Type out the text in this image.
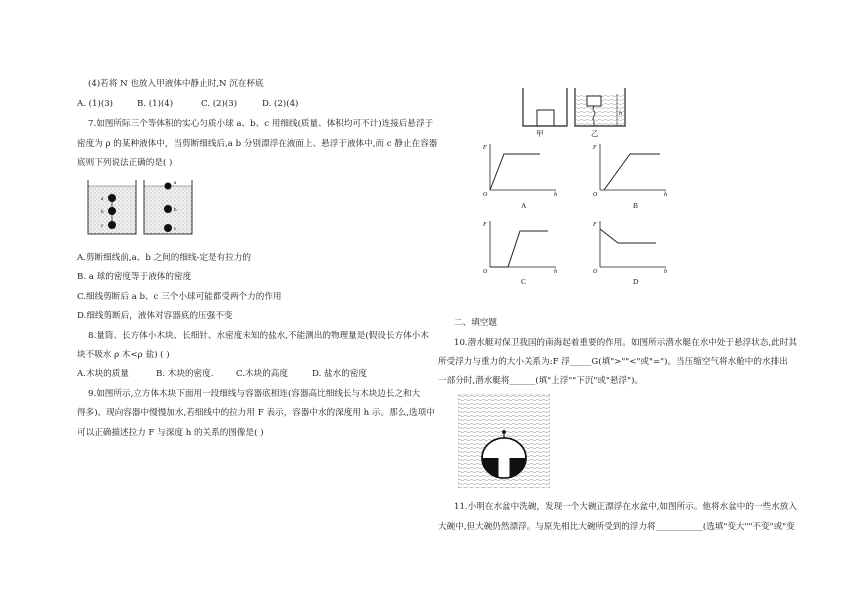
(4)若将 N 也放入甲液体中静止时,N 沉在杯底
A. (1)(3)	B. (1)(4)	C. (2)(3)	D. (2)(4)
7.如图所际三个等体积的实心匀质小球 a、b、c 用细线(质量、体积均可不计)连接后悬浮于
密度为 ρ 的某种液体中，当剪断细线后,a b 分别漂浮在液面上、悬浮于液体中,而 c 静止在容器
底则下列说法正确的是( )
a
b
c
a
b
c
A.剪断细线前,a、b 之间的细线-定是有拉力的
B. a 球的密度等于液体的密度
C.细线剪断后 a b、c 三个小球可能都受两个力的作用
D.细线剪断后，液体对容器底的压强不变
8.量筒、长方体小木块、长细针、水密度未知的盐水,不能测出的物理量是(假设长方体小木
块不吸水 ρ 木<ρ 盐) ( )
A.木块的质量	B. 木块的密度.	C.木块的高度	D. 盐水的密度
9.如图所示,立方体木块下面用一段细线与容器底相连(容器高比细线长与木块边长之和大
得多)。现向容器中慢慢加水,若细线中的拉力用 F 表示，容器中水的深度用 h 示。那么,选项中
可以正确描述拉力 F 与深度 h 的关系的图像是( )
h
甲	乙
F
h
O
A
F
h
O
B
F
h
O
C
F
h
O
D
二、填空题
10.潜水艇对保卫我国的南海起着重要的作用。如图所示潜水艇在水中处于悬浮状态,此时其
所受浮力与重力的大小关系为:F 浮_____G(填">""<"或"=")。当压缩空气将水舱中的水排出
一部分时,潜水艇将______(填"上浮""下沉"或"悬浮")。
11.小明在水盆中洗碗，发现一个大碗正漂浮在水盆中,如图所示。他将水盆中的一些水放入
大碗中,但大碗仍然漂浮。与原先相比大碗所受到的浮力将___________(选填"变大""不变"或"变
